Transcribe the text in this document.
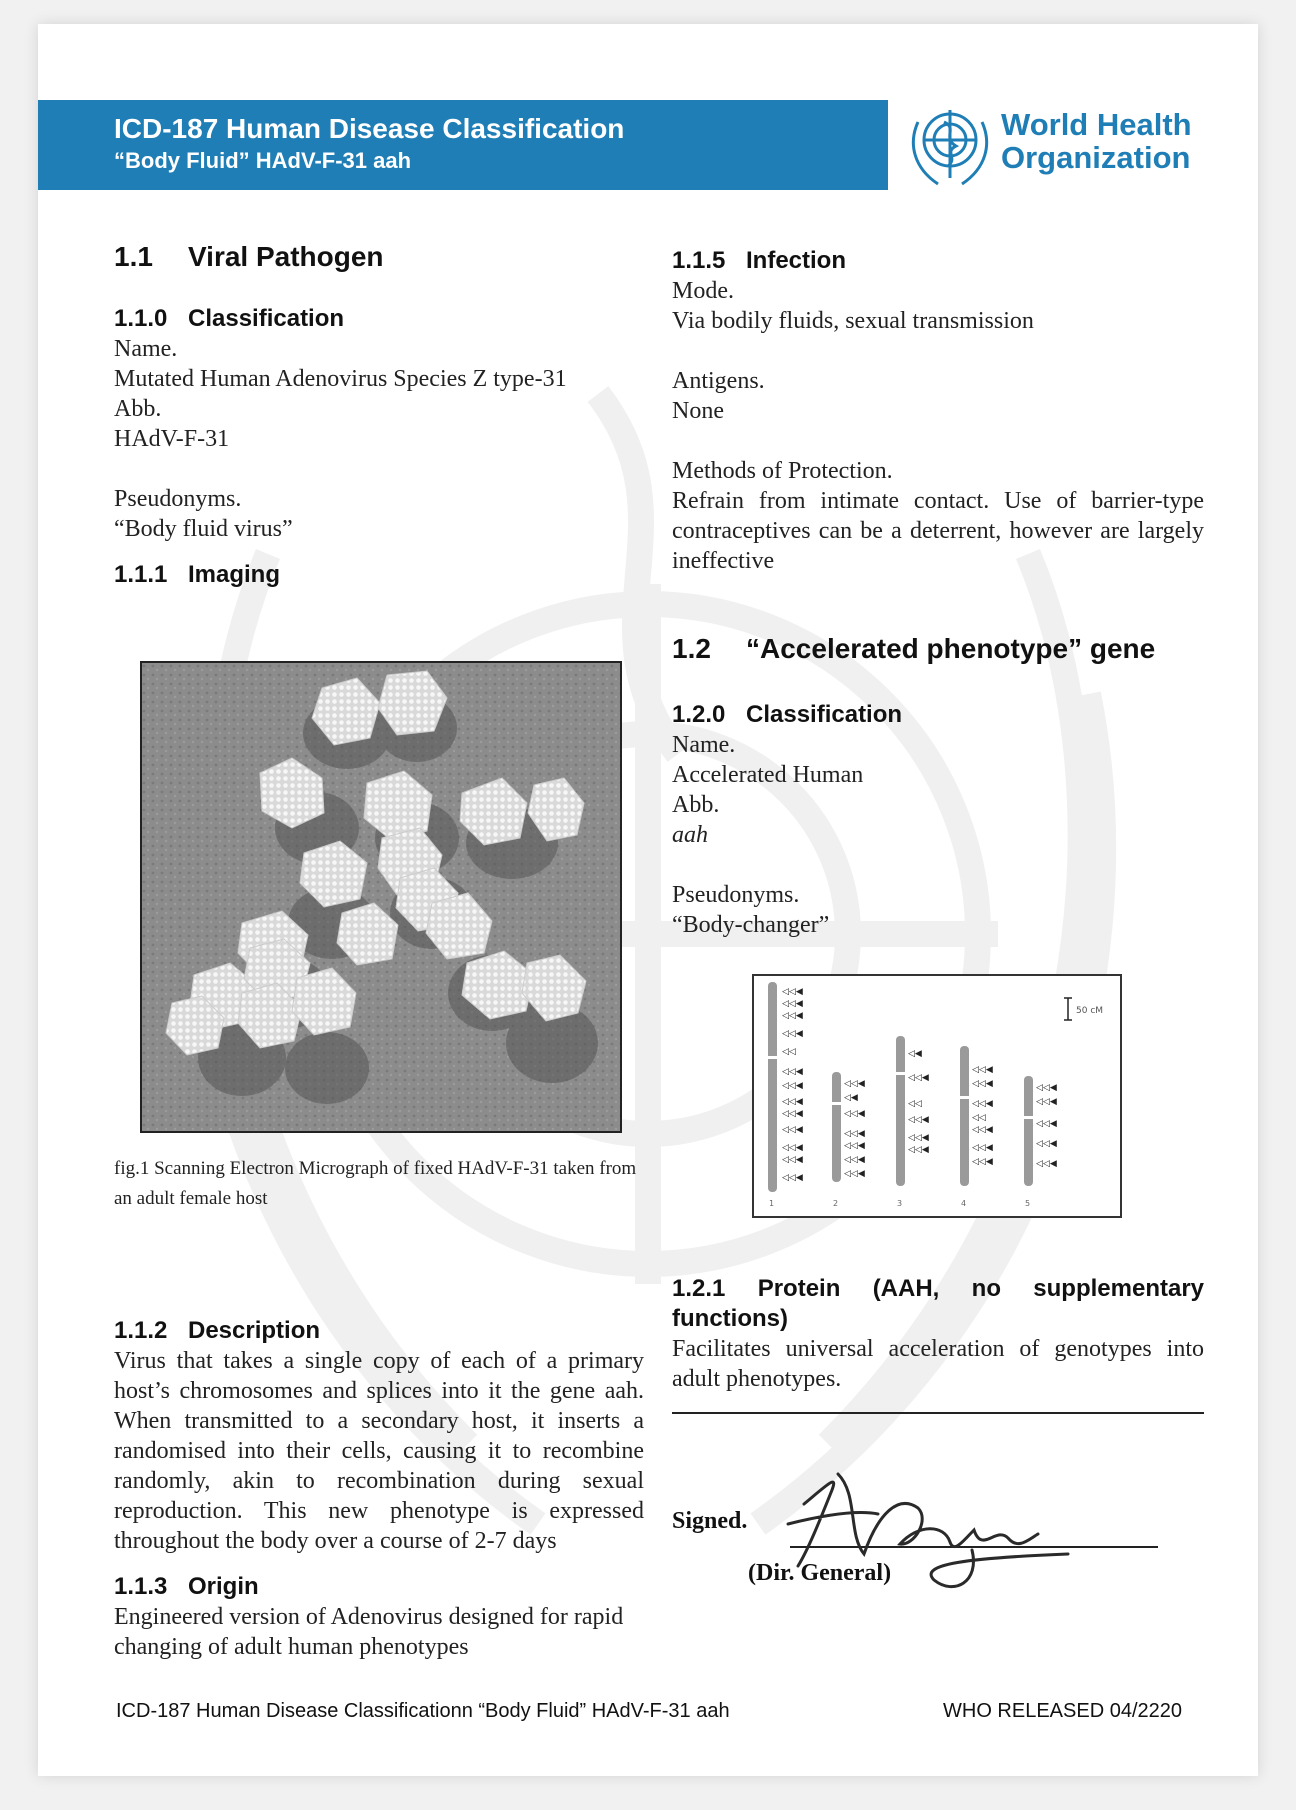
ICD-187 Human Disease Classification
“Body Fluid” HAdV-F-31 aah
World Health
Organization
1.1 Viral Pathogen
1.1.0 Classification
Name.
Mutated Human Adenovirus Species Z type-31
Abb.
HAdV-F-31
Pseudonyms.
“Body fluid virus”
1.1.1 Imaging
fig.1 Scanning Electron Micrograph of fixed HAdV-F-31 taken from an adult female host
1.1.2 Description
Virus that takes a single copy of each of a primary host’s chromosomes and splices into it the gene aah. When transmitted to a secondary host, it inserts a randomised into their cells, causing it to recombine randomly, akin to recombination during sexual reproduction. This new phenotype is expressed throughout the body over a course of 2-7 days
1.1.3 Origin
Engineered version of Adenovirus designed for rapid changing of adult human phenotypes
1.1.5 Infection
Mode.
Via bodily fluids, sexual transmission
Antigens.
None
Methods of Protection.
Refrain from intimate contact. Use of barrier-type contraceptives can be a deterrent, however are largely ineffective
1.2 “Accelerated phenotype” gene
1.2.0 Classification
Name.
Accelerated Human
Abb.
aah
Pseudonyms.
“Body-changer”
◁◁◀
◁◁◀
◁◁◀
◁◁◀
◁◁
◁◁◀
◁◁◀
◁◁◀
◁◁◀
◁◁◀
◁◁◀
◁◁◀
◁◁◀
◁◁◀
◁◀
◁◁◀
◁◁◀
◁◁◀
◁◁◀
◁◁◀
◁◀
◁◁◀
◁◁
◁◁◀
◁◁◀
◁◁◀
◁◁◀
◁◁◀
◁◁◀
◁◁
◁◁◀
◁◁◀
◁◁◀
◁◁◀
◁◁◀
◁◁◀
◁◁◀
◁◁◀
50 cM
1	2	3	4	5
1.2.1 Protein (AAH, no supplementary functions)
Facilitates universal acceleration of genotypes into adult phenotypes.
Signed.
(Dir. General)
ICD-187 Human Disease Classificationn “Body Fluid” HAdV-F-31 aah	WHO RELEASED 04/2220
